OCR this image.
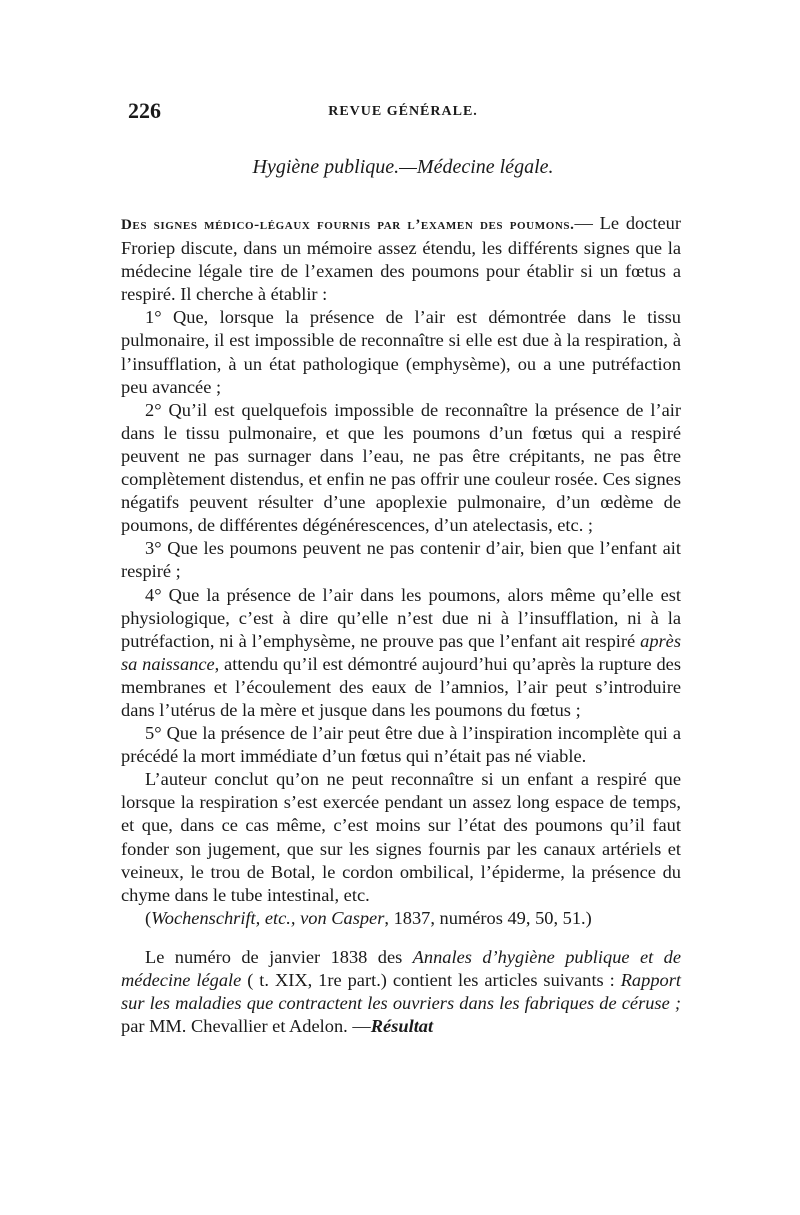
226	REVUE GÉNÉRALE.
Hygiène publique.—Médecine légale.

Des signes médico-légaux fournis par l’examen des poumons.— Le docteur Froriep discute, dans un mémoire assez étendu, les différents signes que la médecine légale tire de l’examen des poumons pour établir si un fœtus a respiré. Il cherche à établir :

1° Que, lorsque la présence de l’air est démontrée dans le tissu pulmonaire, il est impossible de reconnaître si elle est due à la respiration, à l’insufflation, à un état pathologique (emphysème), ou a une putréfaction peu avancée ;

2° Qu’il est quelquefois impossible de reconnaître la présence de l’air dans le tissu pulmonaire, et que les poumons d’un fœtus qui a respiré peuvent ne pas surnager dans l’eau, ne pas être crépitants, ne pas être complètement distendus, et enfin ne pas offrir une couleur rosée. Ces signes négatifs peuvent résulter d’une apoplexie pulmonaire, d’un œdème de poumons, de différentes dégénérescences, d’un atelectasis, etc. ;

3° Que les poumons peuvent ne pas contenir d’air, bien que l’enfant ait respiré ;

4° Que la présence de l’air dans les poumons, alors même qu’elle est physiologique, c’est à dire qu’elle n’est due ni à l’insufflation, ni à la putréfaction, ni à l’emphysème, ne prouve pas que l’enfant ait respiré après sa naissance, attendu qu’il est démontré aujourd’hui qu’après la rupture des membranes et l’écoulement des eaux de l’amnios, l’air peut s’introduire dans l’utérus de la mère et jusque dans les poumons du fœtus ;

5° Que la présence de l’air peut être due à l’inspiration incomplète qui a précédé la mort immédiate d’un fœtus qui n’était pas né viable.

L’auteur conclut qu’on ne peut reconnaître si un enfant a respiré que lorsque la respiration s’est exercée pendant un assez long espace de temps, et que, dans ce cas même, c’est moins sur l’état des poumons qu’il faut fonder son jugement, que sur les signes fournis par les canaux artériels et veineux, le trou de Botal, le cordon ombilical, l’épiderme, la présence du chyme dans le tube intestinal, etc.

(Wochenschrift, etc., von Casper, 1837, numéros 49, 50, 51.)

Le numéro de janvier 1838 des Annales d’hygiène publique et de médecine légale ( t. XIX, 1re part.) contient les articles suivants : Rapport sur les maladies que contractent les ouvriers dans les fabriques de céruse ; par MM. Chevallier et Adelon. —Résultat
